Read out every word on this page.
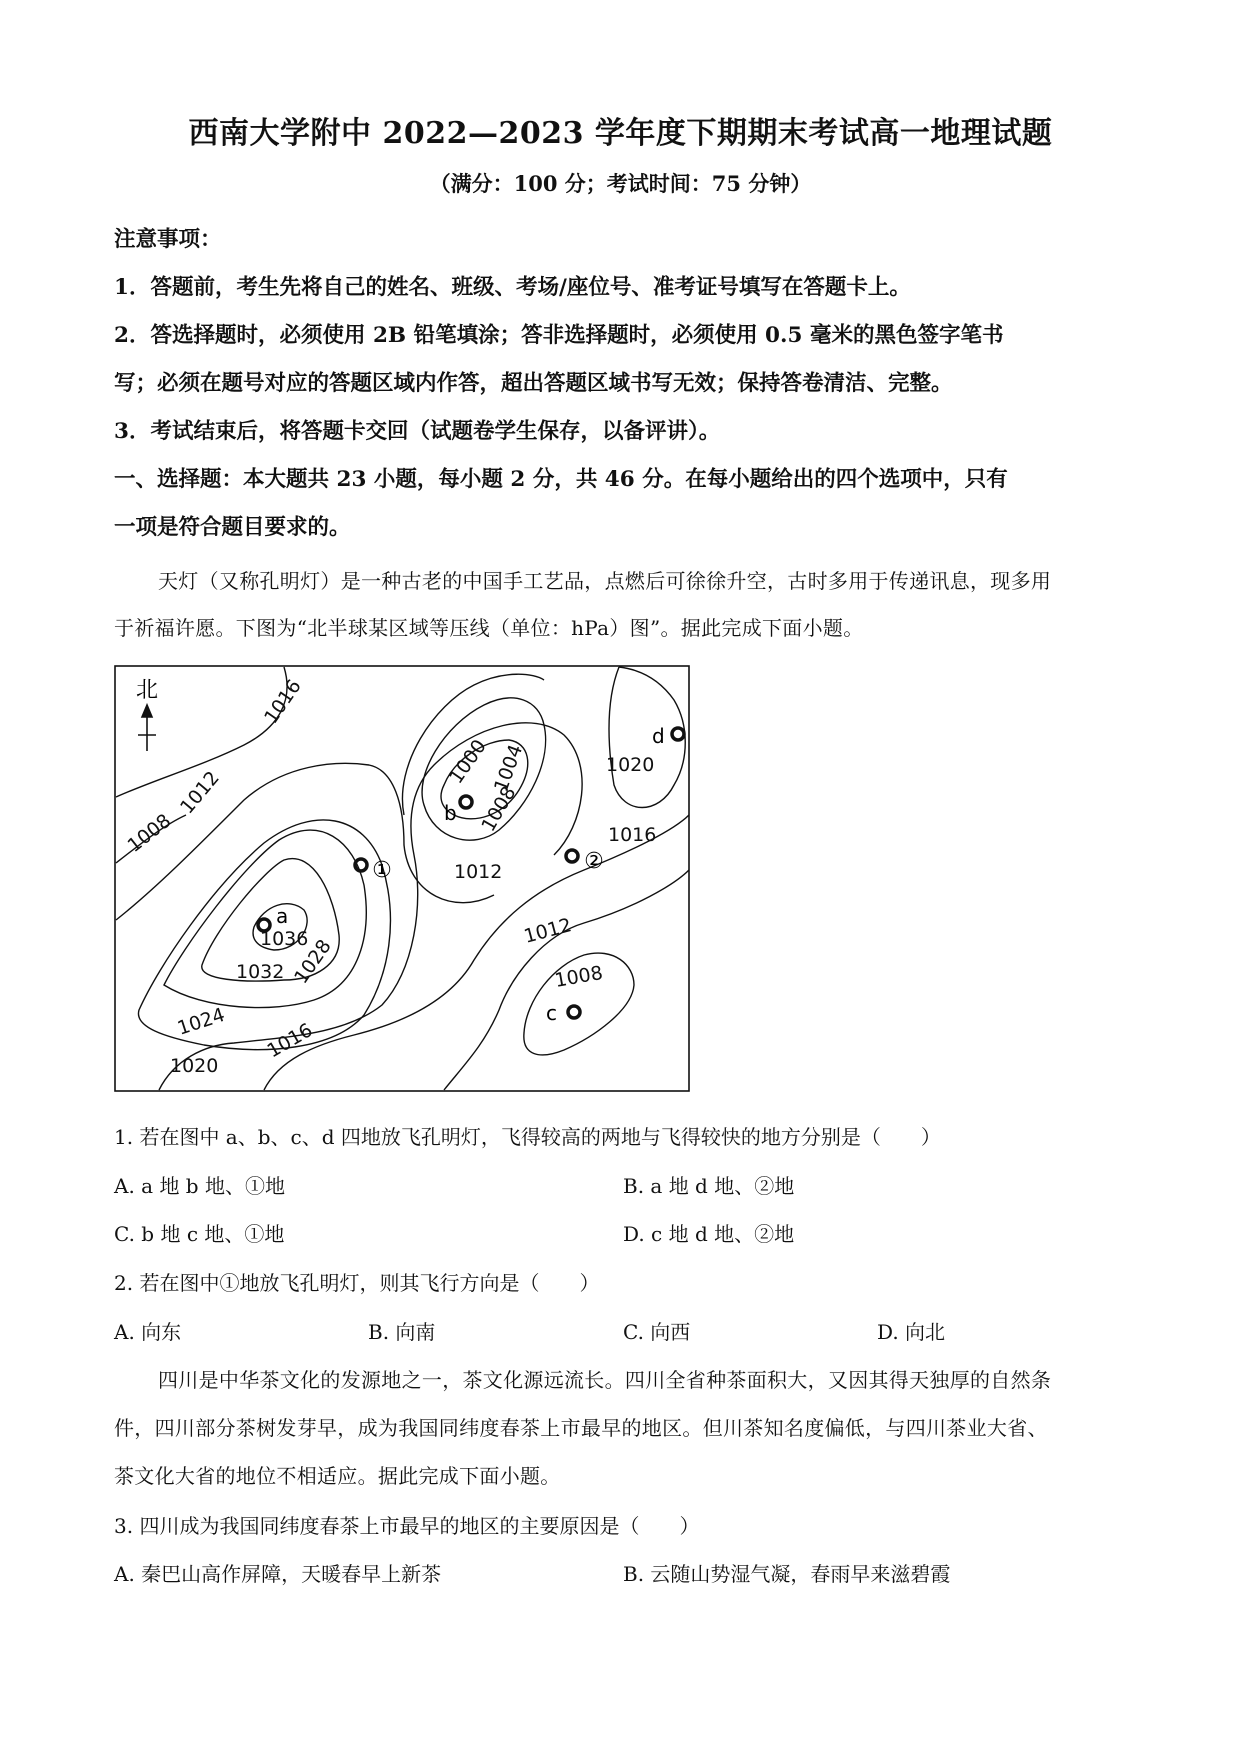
西南大学附中 2022—2023 学年度下期期末考试高一地理试题
（满分：100 分；考试时间：75 分钟）
注意事项：
1．答题前，考生先将自己的姓名、班级、考场/座位号、准考证号填写在答题卡上。
2．答选择题时，必须使用 2B 铅笔填涂；答非选择题时，必须使用 0.5 毫米的黑色签字笔书
写；必须在题号对应的答题区域内作答，超出答题区域书写无效；保持答卷清洁、完整。
3．考试结束后，将答题卡交回（试题卷学生保存，以备评讲）。
一、选择题：本大题共 23 小题，每小题 2 分，共 46 分。在每小题给出的四个选项中，只有
一项是符合题目要求的。
天灯（又称孔明灯）是一种古老的中国手工艺品，点燃后可徐徐升空，古时多用于传递讯息，现多用
于祈福许愿。下图为“北半球某区域等压线（单位：hPa）图”。据此完成下面小题。
北	1016
1012
1008
1000 1004
1008
1012
1016
1020
1036
1032 1028
1024
1020
1016
1012
1008
a
b
c
d
①	②
1. 若在图中 a、b、c、d 四地放飞孔明灯，飞得较高的两地与飞得较快的地方分别是（　　）
A. a 地 b 地、①地	B. a 地 d 地、②地
C. b 地 c 地、①地	D. c 地 d 地、②地
2. 若在图中①地放飞孔明灯，则其飞行方向是（　　）
A. 向东	B. 向南	C. 向西	D. 向北
四川是中华茶文化的发源地之一，茶文化源远流长。四川全省种茶面积大，又因其得天独厚的自然条
件，四川部分茶树发芽早，成为我国同纬度春茶上市最早的地区。但川茶知名度偏低，与四川茶业大省、
茶文化大省的地位不相适应。据此完成下面小题。
3. 四川成为我国同纬度春茶上市最早的地区的主要原因是（　　）
A. 秦巴山高作屏障，天暖春早上新茶	B. 云随山势湿气凝，春雨早来滋碧霞
